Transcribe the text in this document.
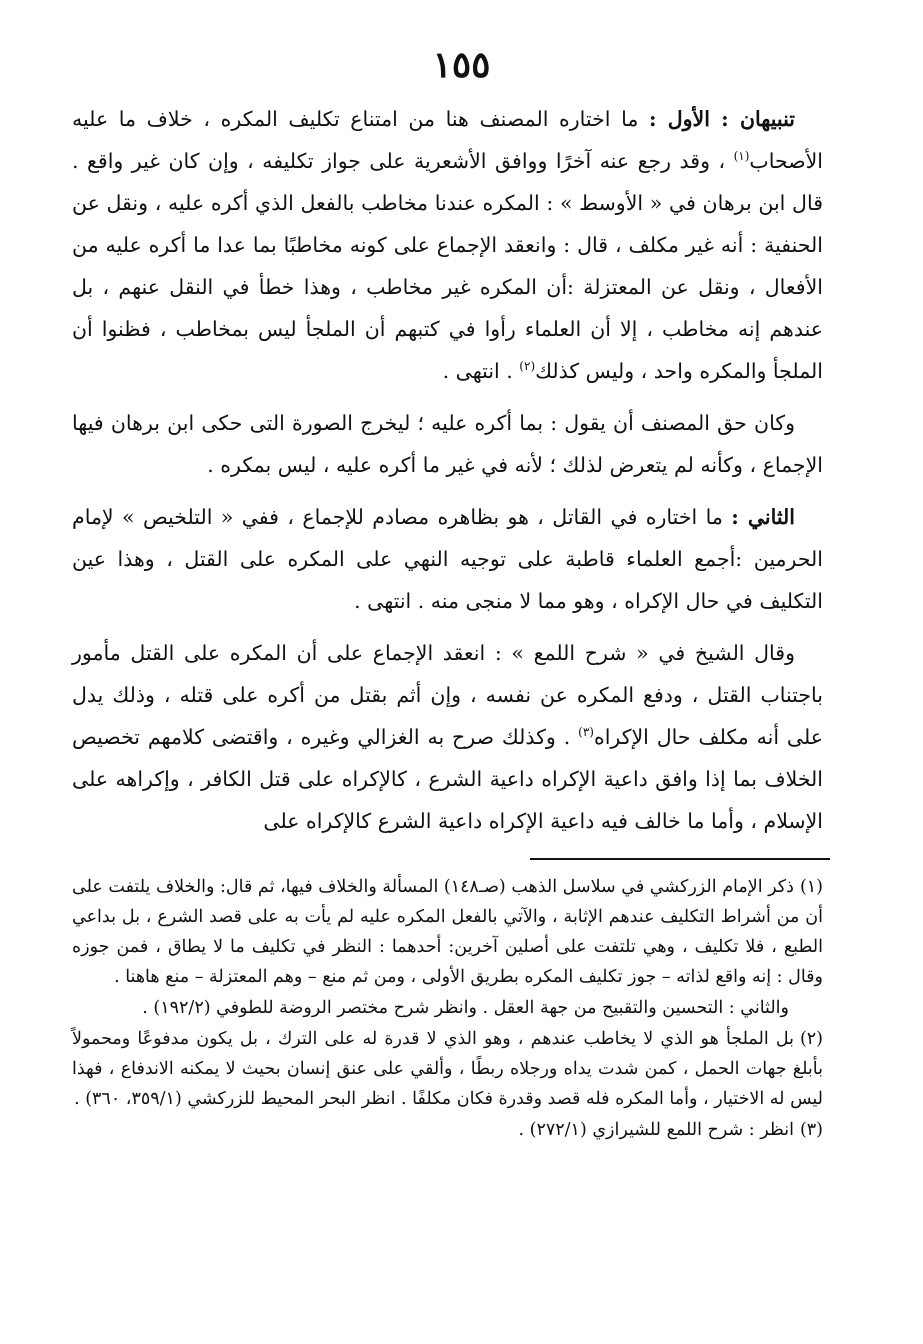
١٥٥

تنبيهان : الأول : ما اختاره المصنف هنا من امتناع تكليف المكره ، خلاف ما عليه الأصحاب$^{(١)}$ ، وقد رجع عنه آخرًا ووافق الأشعرية على جواز تكليفه ، وإن كان غير واقع . قال ابن برهان في « الأوسط » : المكره عندنا مخاطب بالفعل الذي أكره عليه ، ونقل عن الحنفية : أنه غير مكلف ، قال : وانعقد الإجماع على كونه مخاطبًا بما عدا ما أكره عليه من الأفعال ، ونقل عن المعتزلة :أن المكره غير مخاطب ، وهذا خطأ في النقل عنهم ، بل عندهم إنه مخاطب ، إلا أن العلماء رأوا في كتبهم أن الملجأ ليس بمخاطب ، فظنوا أن الملجأ والمكره واحد ، وليس كذلك$^{(٢)}$ . انتهى .

وكان حق المصنف أن يقول : بما أكره عليه ؛ ليخرج الصورة التى حكى ابن برهان فيها الإجماع ، وكأنه لم يتعرض لذلك ؛ لأنه في غير ما أكره عليه ، ليس بمكره .

الثاني : ما اختاره في القاتل ، هو بظاهره مصادم للإجماع ، ففي « التلخيص » لإمام الحرمين :أجمع العلماء قاطبة على توجيه النهي على المكره على القتل ، وهذا عين التكليف في حال الإكراه ، وهو مما لا منجى منه . انتهى .

وقال الشيخ في « شرح اللمع » : انعقد الإجماع على أن المكره على القتل مأمور باجتناب القتل ، ودفع المكره عن نفسه ، وإن أثم بقتل من أكره على قتله ، وذلك يدل على أنه مكلف حال الإكراه$^{(٣)}$ . وكذلك صرح به الغزالي وغيره ، واقتضى كلامهم تخصيص الخلاف بما إذا وافق داعية الإكراه داعية الشرع ، كالإكراه على قتل الكافر ، وإكراهه على الإسلام ، وأما ما خالف فيه داعية الإكراه داعية الشرع كالإكراه على

(١)ذكر الإمام الزركشي في سلاسل الذهب (صـ١٤٨) المسألة والخلاف فيها، ثم قال: والخلاف يلتفت على أن من أشراط التكليف عندهم الإثابة ، والآتي بالفعل المكره عليه لم يأت به على قصد الشرع ، بل بداعي الطبع ، فلا تكليف ، وهي تلتفت على أصلين آخرين: أحدهما : النظر في تكليف ما لا يطاق ، فمن جوزه وقال : إنه واقع لذاته – جوز تكليف المكره بطريق الأولى ، ومن ثم منع – وهم المعتزلة – منع هاهنا .

والثاني : التحسين والتقبيح من جهة العقل . وانظر شرح مختصر الروضة للطوفي (١٩٢/٢) .

(٢)بل الملجأ هو الذي لا يخاطب عندهم ، وهو الذي لا قدرة له على الترك ، بل يكون مدفوعًا ومحمولاً بأبلغ جهات الحمل ، كمن شدت يداه ورجلاه ربطًا ، وألقي على عنق إنسان بحيث لا يمكنه الاندفاع ، فهذا ليس له الاختيار ، وأما المكره فله قصد وقدرة فكان مكلفًا . انظر البحر المحيط للزركشي (٣٥٩/١، ٣٦٠) .

(٣)انظر : شرح اللمع للشيرازي (٢٧٢/١) .
